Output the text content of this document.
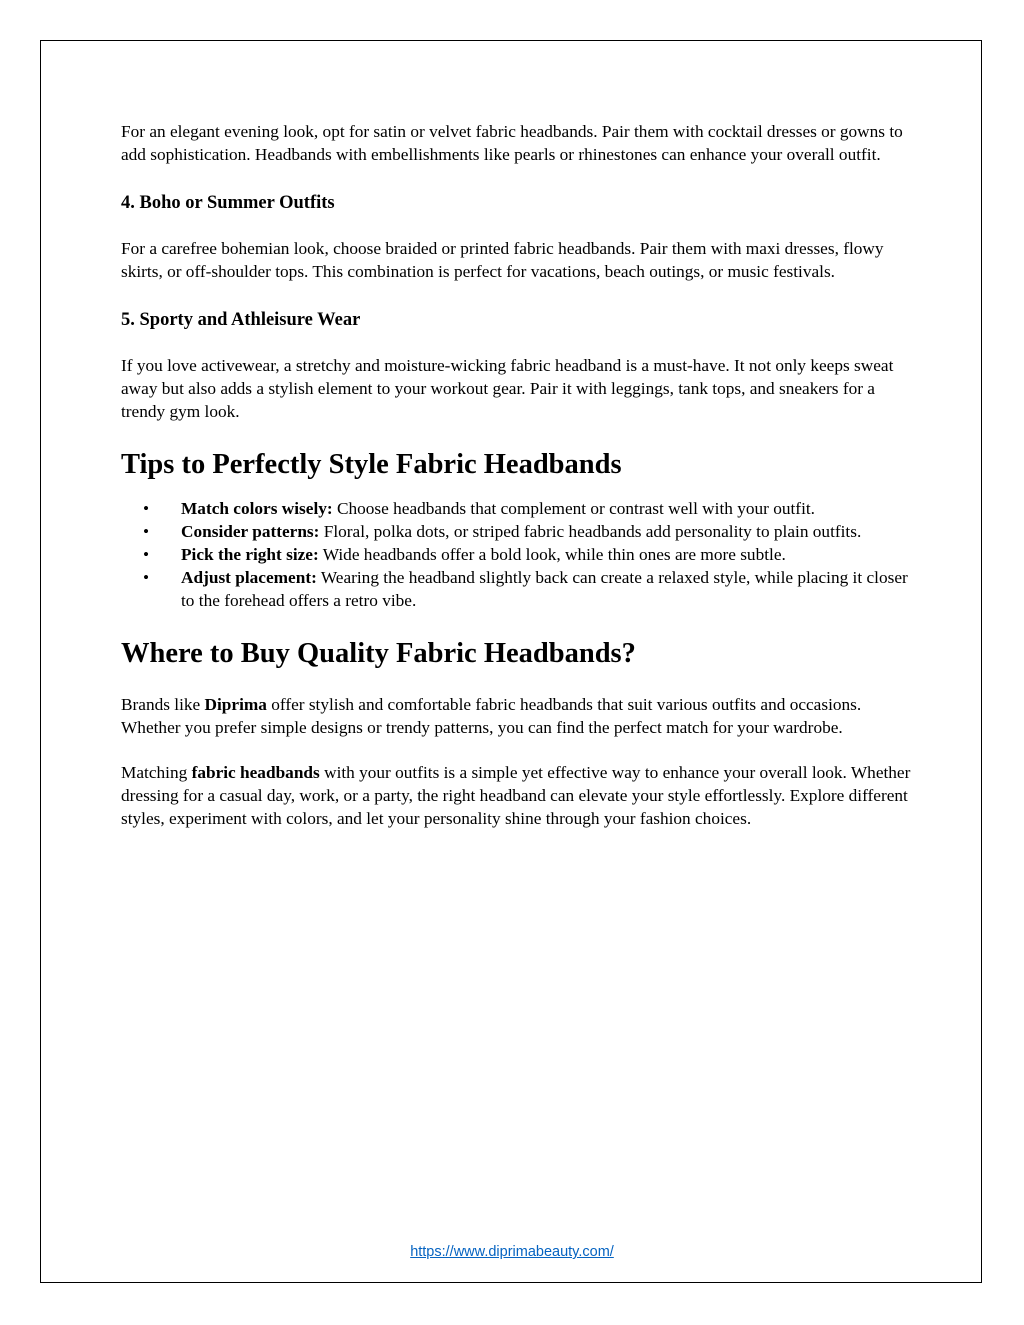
For an elegant evening look, opt for satin or velvet fabric headbands. Pair them with cocktail dresses or gowns to add sophistication. Headbands with embellishments like pearls or rhinestones can enhance your overall outfit.

4. Boho or Summer Outfits

For a carefree bohemian look, choose braided or printed fabric headbands. Pair them with maxi dresses, flowy skirts, or off-shoulder tops. This combination is perfect for vacations, beach outings, or music festivals.

5. Sporty and Athleisure Wear

If you love activewear, a stretchy and moisture-wicking fabric headband is a must-have. It not only keeps sweat away but also adds a stylish element to your workout gear. Pair it with leggings, tank tops, and sneakers for a trendy gym look.

Tips to Perfectly Style Fabric Headbands
• Match colors wisely: Choose headbands that complement or contrast well with your outfit.
• Consider patterns: Floral, polka dots, or striped fabric headbands add personality to plain outfits.
• Pick the right size: Wide headbands offer a bold look, while thin ones are more subtle.
• Adjust placement: Wearing the headband slightly back can create a relaxed style, while placing it closer to the forehead offers a retro vibe.
Where to Buy Quality Fabric Headbands?

Brands like Diprima offer stylish and comfortable fabric headbands that suit various outfits and occasions. Whether you prefer simple designs or trendy patterns, you can find the perfect match for your wardrobe.

Matching fabric headbands with your outfits is a simple yet effective way to enhance your overall look. Whether dressing for a casual day, work, or a party, the right headband can elevate your style effortlessly. Explore different styles, experiment with colors, and let your personality shine through your fashion choices.

https://www.diprimabeauty.com/
